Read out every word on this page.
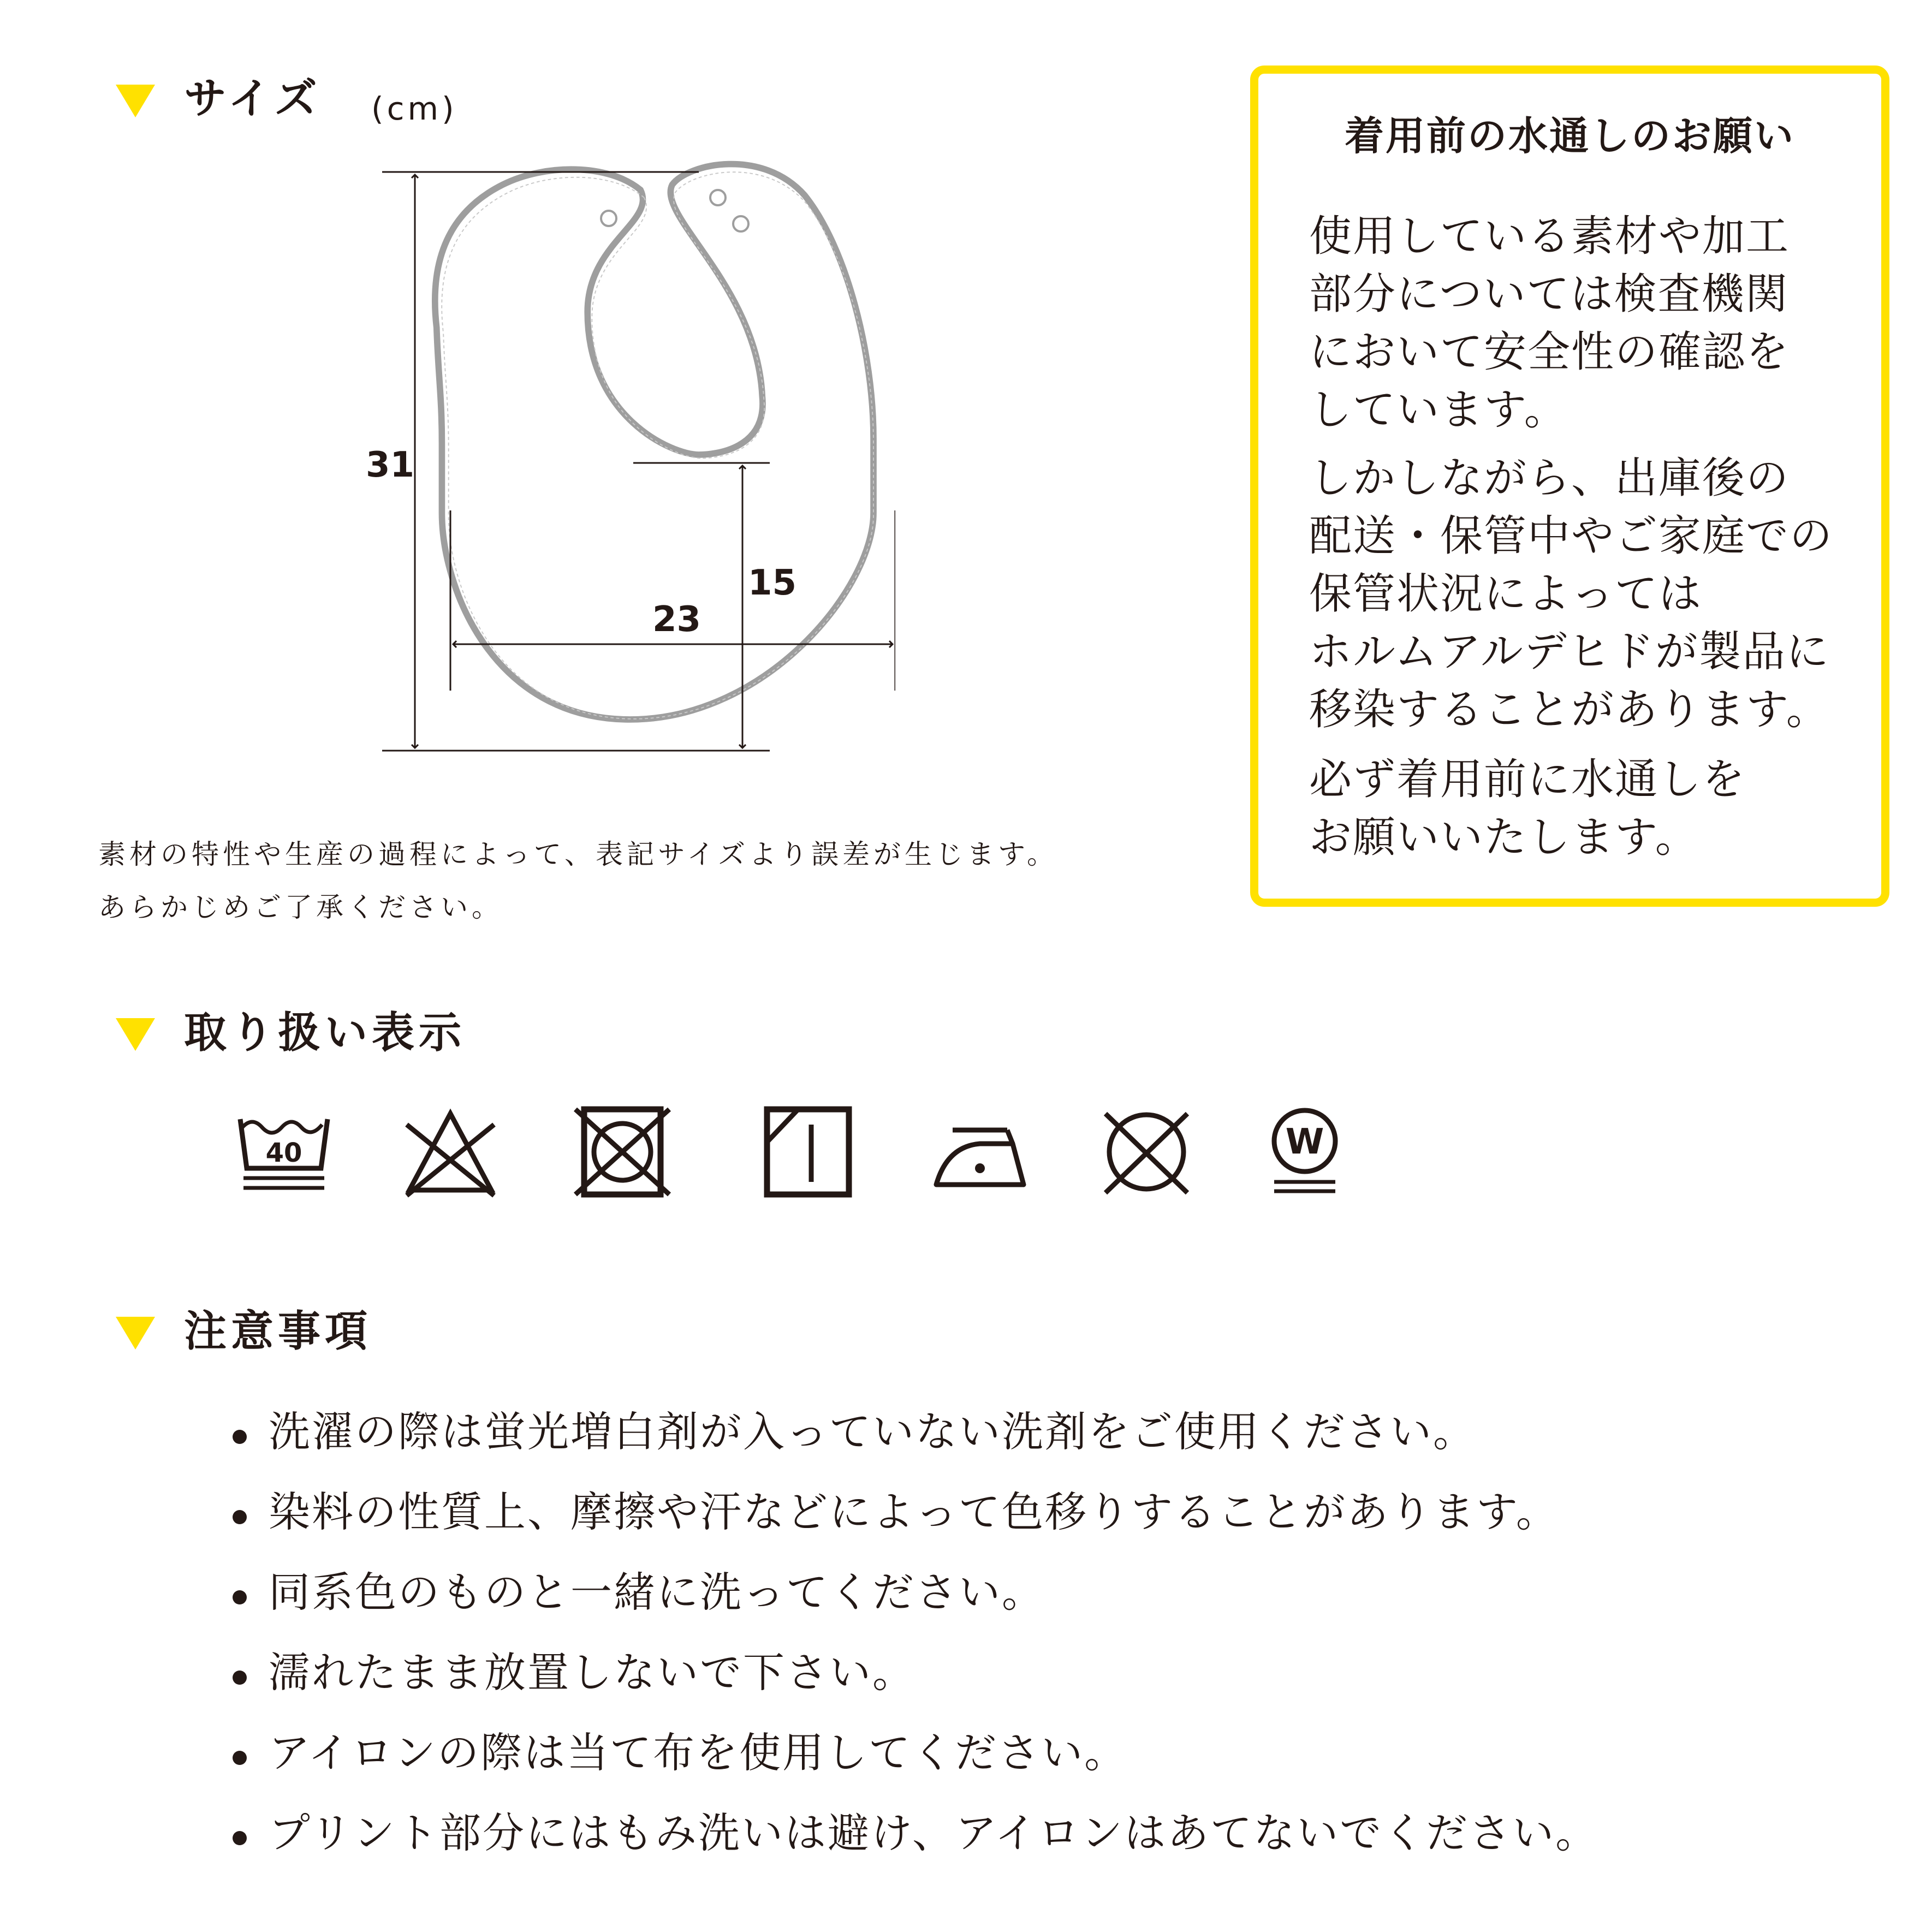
サイズ (cm)
31
15
23
素材の特性や生産の過程によって、表記サイズより誤差が生じます。
あらかじめご了承ください。
着用前の水通しのお願い
使用している素材や加工
部分については検査機関
において安全性の確認を
しています。
しかしながら、出庫後の
配送・保管中やご家庭での
保管状況によっては
ホルムアルデヒドが製品に
移染することがあります。
必ず着用前に水通しを
お願いいたします。
取り扱い表示
40	W
注意事項
洗濯の際は蛍光増白剤が入っていない洗剤をご使用ください。
染料の性質上、摩擦や汗などによって色移りすることがあります。
同系色のものと一緒に洗ってください。
濡れたまま放置しないで下さい。
アイロンの際は当て布を使用してください。
プリント部分にはもみ洗いは避け、アイロンはあてないでください。
